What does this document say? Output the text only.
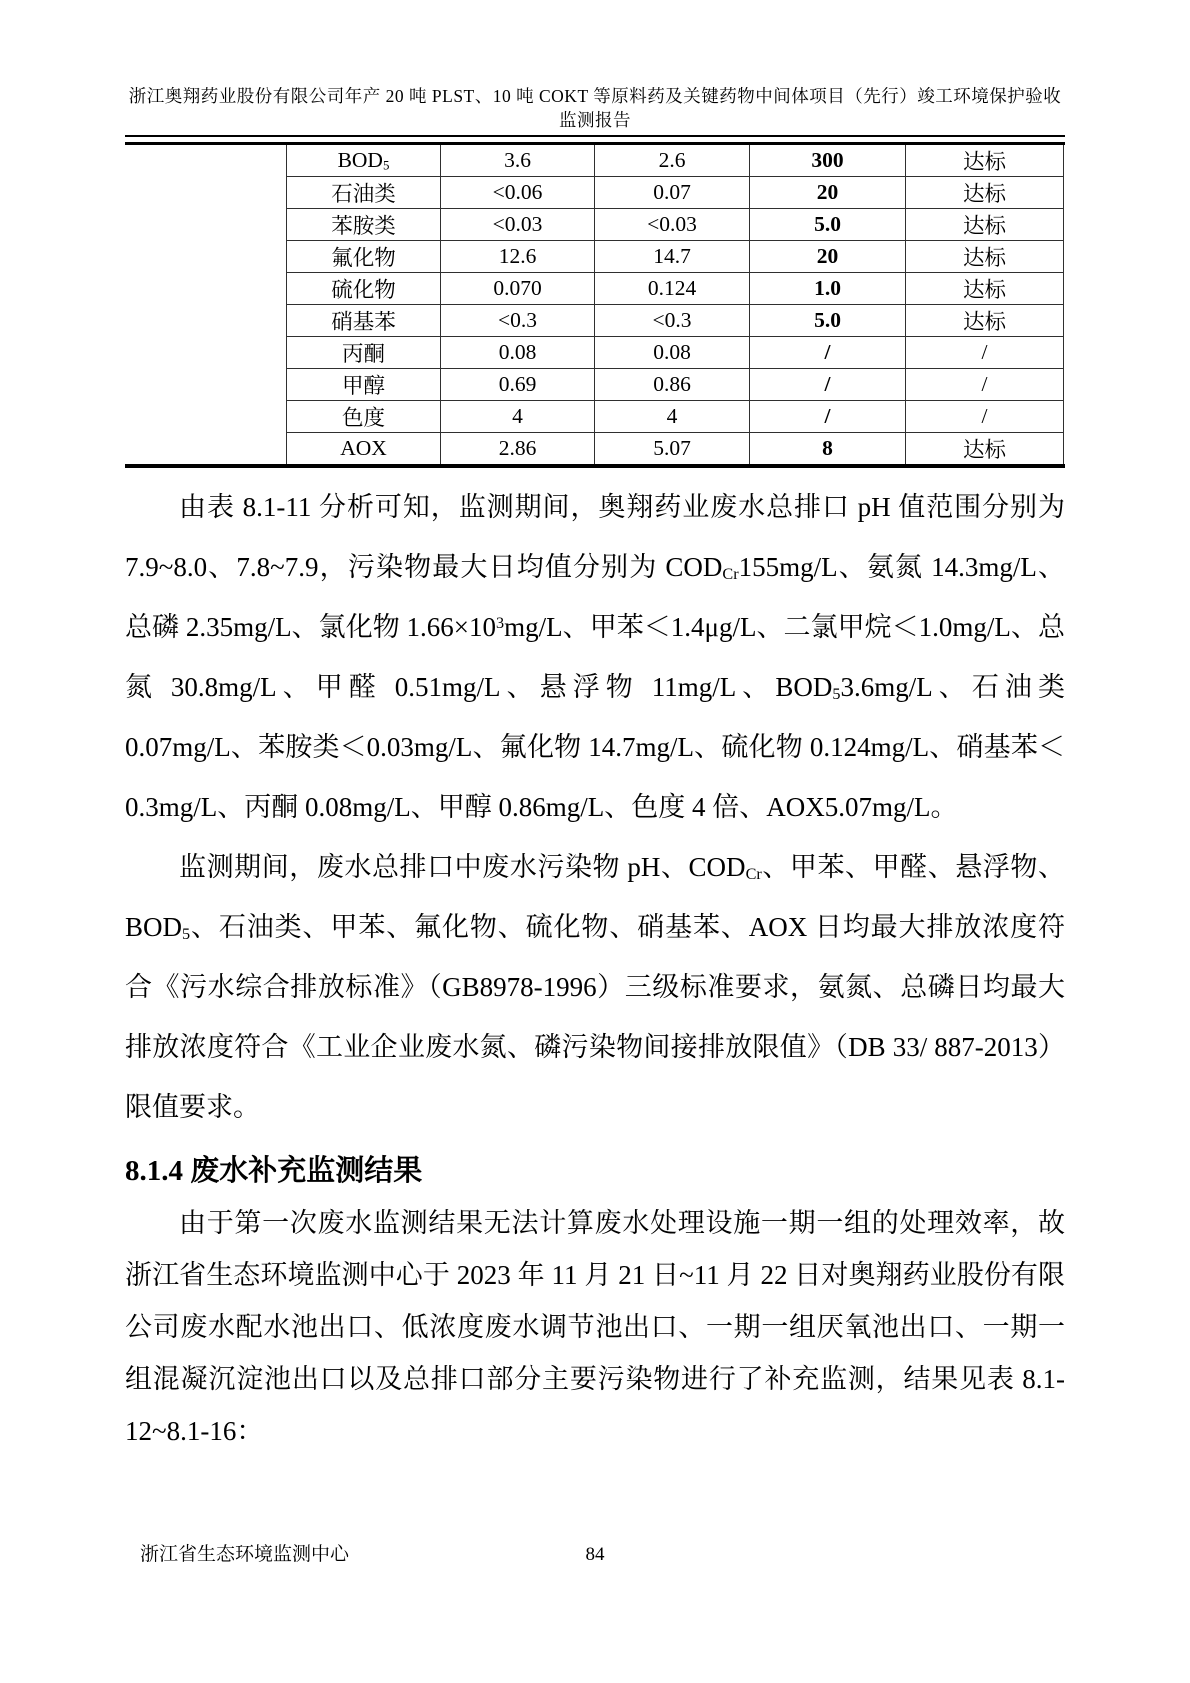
浙江奥翔药业股份有限公司年产 20 吨 PLST、10 吨 COKT 等原料药及关键药物中间体项目（先行）竣工环境保护验收监测报告
$BOD_5$	3.6	2.6	300	达标
石油类	<0.06	0.07	20	达标
苯胺类	<0.03	<0.03	5.0	达标
氟化物	12.6	14.7	20	达标
硫化物	0.070	0.124	1.0	达标
硝基苯	<0.3	<0.3	5.0	达标
丙酮	0.08	0.08	/	/
甲醇	0.69	0.86	/	/
色度	4	4	/	/
AOX	2.86	5.07	8	达标

由表 8.1-11 分析可知，监测期间，奥翔药业废水总排口 pH 值范围分别为 7.9~8.0、7.8~7.9，污染物最大日均值分别为 $COD_{Cr}155mg/L$、氨氮 14.3mg/L、总磷 2.35mg/L、氯化物 $1.66\times 10^3mg/L$、甲苯＜1.4μg/L、二氯甲烷＜1.0mg/L、总氮 30.8mg/L、甲醛 0.51mg/L、悬浮物 11mg/L、$BOD_53.6mg/L$、石油类 0.07mg/L、苯胺类＜0.03mg/L、氟化物 14.7mg/L、硫化物 0.124mg/L、硝基苯＜0.3mg/L、丙酮 0.08mg/L、甲醇 0.86mg/L、色度 4 倍、AOX5.07mg/L。

监测期间，废水总排口中废水污染物 pH、$COD_{Cr}$、甲苯、甲醛、悬浮物、$BOD_5$、石油类、甲苯、氟化物、硫化物、硝基苯、AOX 日均最大排放浓度符合《污水综合排放标准》（GB8978-1996）三级标准要求，氨氮、总磷日均最大排放浓度符合《工业企业废水氮、磷污染物间接排放限值》（DB 33/ 887-2013）限值要求。

8.1.4 废水补充监测结果

由于第一次废水监测结果无法计算废水处理设施一期一组的处理效率，故浙江省生态环境监测中心于 2023 年 11 月 21 日~11 月 22 日对奥翔药业股份有限公司废水配水池出口、低浓度废水调节池出口、一期一组厌氧池出口、一期一组混凝沉淀池出口以及总排口部分主要污染物进行了补充监测，结果见表 8.1-12~8.1-16：

浙江省生态环境监测中心	84
